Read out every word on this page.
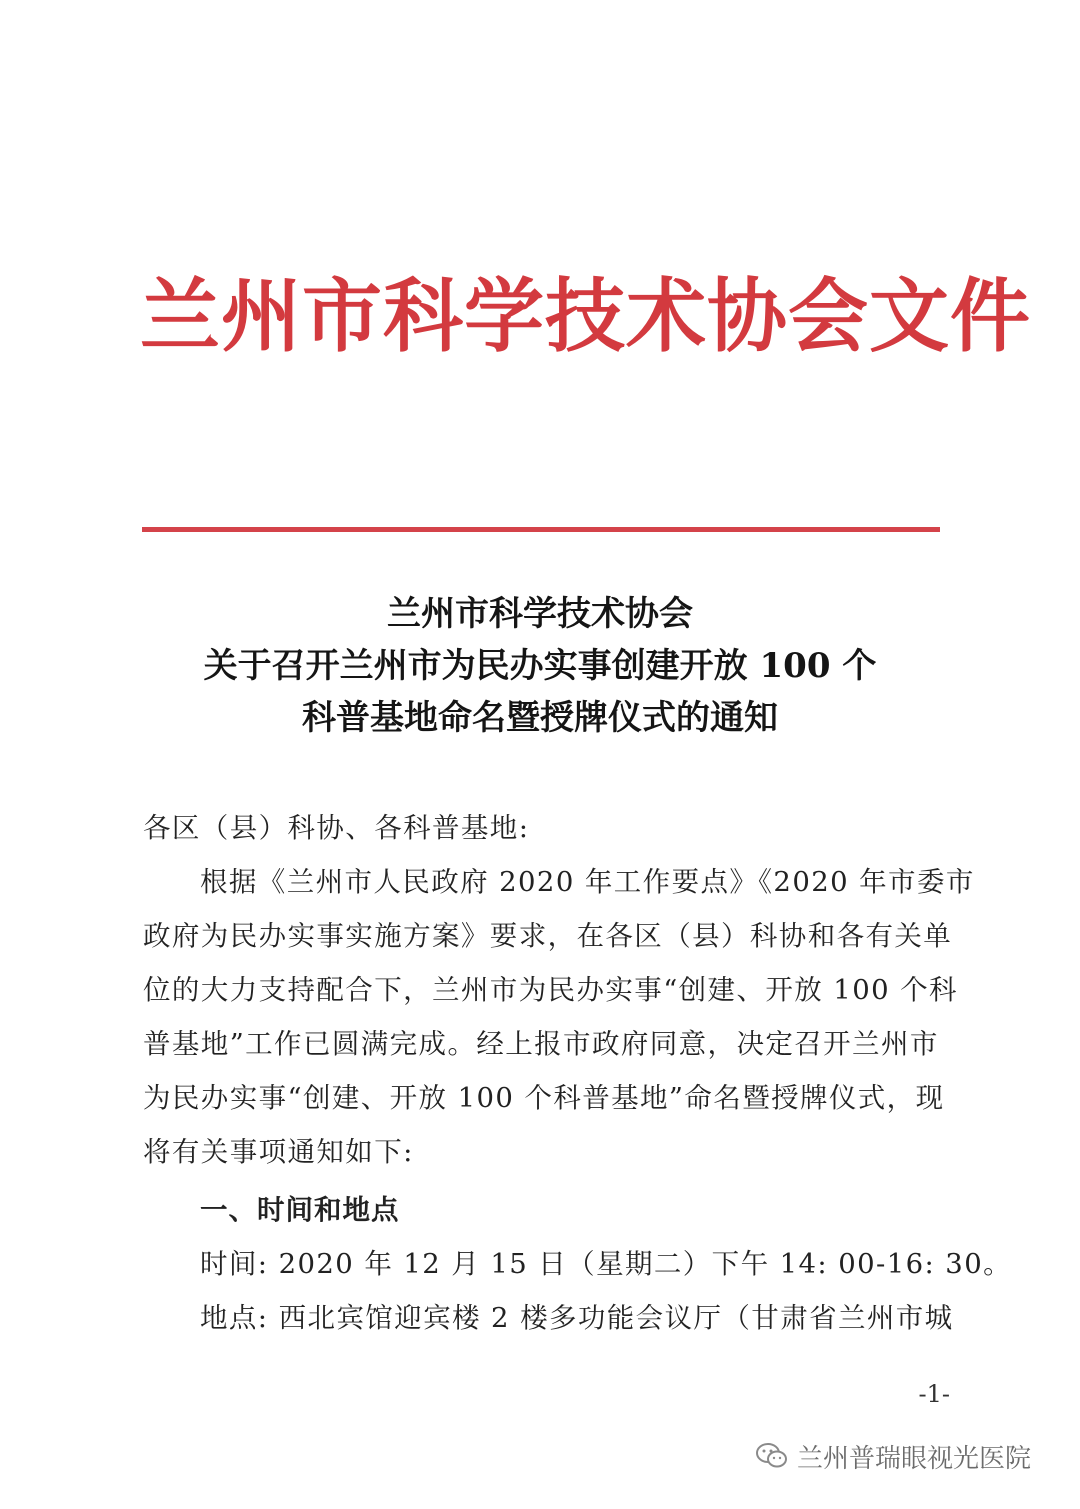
兰州市科学技术协会文件
兰州市科学技术协会
关于召开兰州市为民办实事创建开放 100 个
科普基地命名暨授牌仪式的通知
各区（县）科协、各科普基地:
根据《兰州市人民政府 2020 年工作要点》《2020 年市委市
政府为民办实事实施方案》要求，在各区（县）科协和各有关单
位的大力支持配合下，兰州市为民办实事“创建、开放 100 个科
普基地”工作已圆满完成。经上报市政府同意，决定召开兰州市
为民办实事“创建、开放 100 个科普基地”命名暨授牌仪式，现
将有关事项通知如下:
一、时间和地点
时间: 2020 年 12 月 15 日（星期二）下午 14: 00-16: 30。
地点: 西北宾馆迎宾楼 2 楼多功能会议厅（甘肃省兰州市城
-1-
兰州普瑞眼视光医院
